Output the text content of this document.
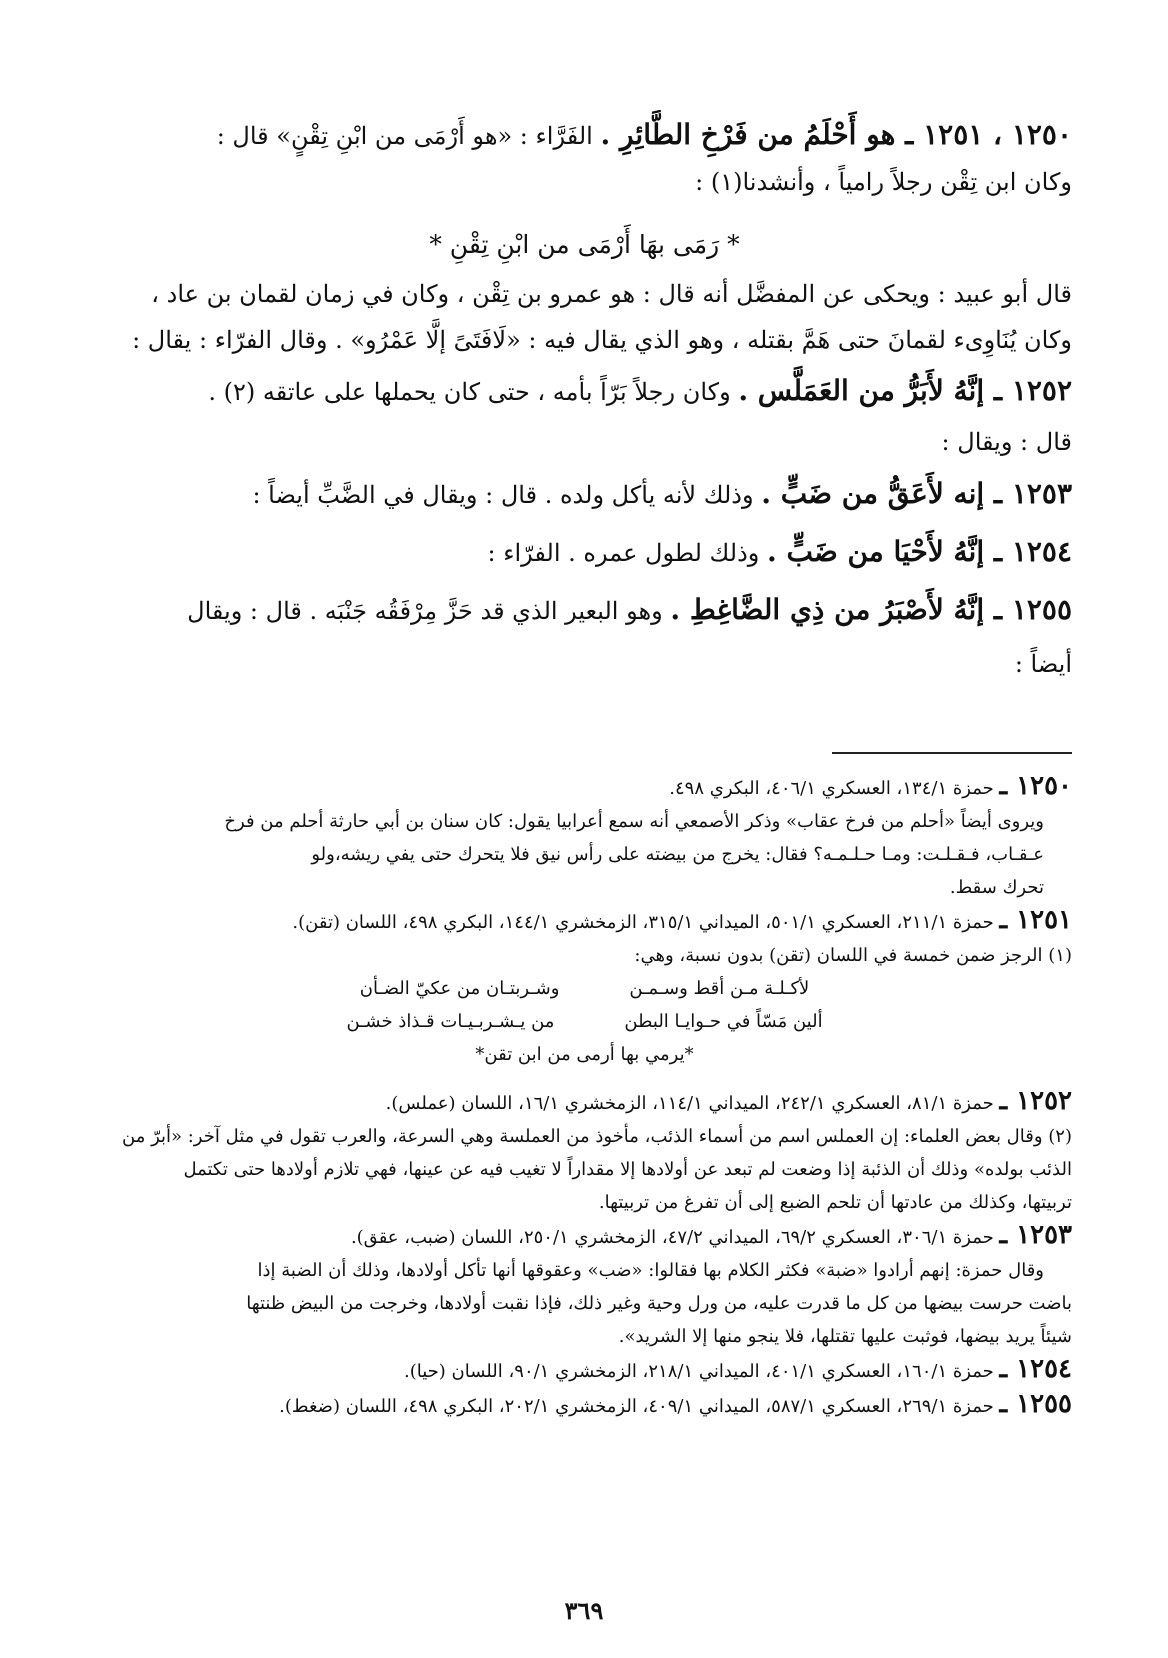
١٢٥٠ ، ١٢٥١ ـ هو أَحْلَمُ من فَرْخِ الطَّائِرِ . الفَرَّاء : «هو أَرْمَى من ابْنِ تِقْنٍ» قال :

وكان ابن تِقْن رجلاً رامياً ، وأنشدنا(١) :

* رَمَى بهَا أَرْمَى من ابْنِ تِقْنِ *

قال أبو عبيد : ويحكى عن المفضَّل أنه قال : هو عمرو بن تِقْن ، وكان في زمان لقمان بن عاد ،

وكان يُنَاوِىء لقمانَ حتى هَمَّ بقتله ، وهو الذي يقال فيه : «لَافَتَىً إلَّا عَمْرُو» . وقال الفرّاء : يقال :

١٢٥٢ ـ إنَّهُ لأَبَرُّ من العَمَلَّس . وكان رجلاً بَرّاً بأمه ، حتى كان يحملها على عاتقه (٢) .

قال : ويقال :

١٢٥٣ ـ إنه لأَعَقُّ من ضَبٍّ . وذلك لأنه يأكل ولده . قال : ويقال في الضَّبِّ أيضاً :

١٢٥٤ ـ إنَّهُ لأَحْيَا من ضَبٍّ . وذلك لطول عمره . الفرّاء :

١٢٥٥ ـ إنَّهُ لأَصْبَرُ من ذِي الضَّاغِطِ . وهو البعير الذي قد حَزَّ مِرْفَقُه جَنْبَه . قال : ويقال

أيضاً :

١٢٥٠ ـ حمزة ١٣٤/١، العسكري ٤٠٦/١، البكري ٤٩٨.

ويروى أيضاً «أحلم من فرخ عقاب» وذكر الأصمعي أنه سمع أعرابيا يقول: كان سنان بن أبي حارثة أحلم من فرخ

عـقـاب، فـقـلـت: ومـا حـلـمـه؟ فقال: يخرج من بيضته على رأس نيق فلا يتحرك حتى يفي ريشه،ولو

تحرك سقط.

١٢٥١ ـ حمزة ٢١١/١، العسكري ٥٠١/١، الميداني ٣١٥/١، الزمخشري ١٤٤/١، البكري ٤٩٨، اللسان (تقن).

(١) الرجز ضمن خمسة في اللسان (تقن) بدون نسبة، وهي:

لأكـلـة مـن أقط وسـمـن
وشـربتـان من عكيّ الضـأن
ألين مَسّاً في حـوايـا البطن
من يـشـربـيـات قـذاذ خشـن

*يرمي بها أرمى من ابن تقن*

١٢٥٢ ـ حمزة ٨١/١، العسكري ٢٤٢/١، الميداني ١١٤/١، الزمخشري ١٦/١، اللسان (عملس).

(٢) وقال بعض العلماء: إن العملس اسم من أسماء الذئب، مأخوذ من العملسة وهي السرعة، والعرب تقول في مثل آخر: «أبرّ من

الذئب بولده» وذلك أن الذئبة إذا وضعت لم تبعد عن أولادها إلا مقداراً لا تغيب فيه عن عينها، فهي تلازم أولادها حتى تكتمل

تربيتها، وكذلك من عادتها أن تلحم الضبع إلى أن تفرغ من تربيتها.

١٢٥٣ ـ حمزة ٣٠٦/١، العسكري ٦٩/٢، الميداني ٤٧/٢، الزمخشري ٢٥٠/١، اللسان (ضبب، عقق).

وقال حمزة: إنهم أرادوا «ضبة» فكثر الكلام بها فقالوا: «ضب» وعقوقها أنها تأكل أولادها، وذلك أن الضبة إذا

باضت حرست بيضها من كل ما قدرت عليه، من ورل وحية وغير ذلك، فإذا نقبت أولادها، وخرجت من البيض ظنتها

شيئاً يريد بيضها، فوثبت عليها تقتلها، فلا ينجو منها إلا الشريد».

١٢٥٤ ـ حمزة ١٦٠/١، العسكري ٤٠١/١، الميداني ٢١٨/١، الزمخشري ٩٠/١، اللسان (حيا).

١٢٥٥ ـ حمزة ٢٦٩/١، العسكري ٥٨٧/١، الميداني ٤٠٩/١، الزمخشري ٢٠٢/١، البكري ٤٩٨، اللسان (ضغط).

٣٦٩
